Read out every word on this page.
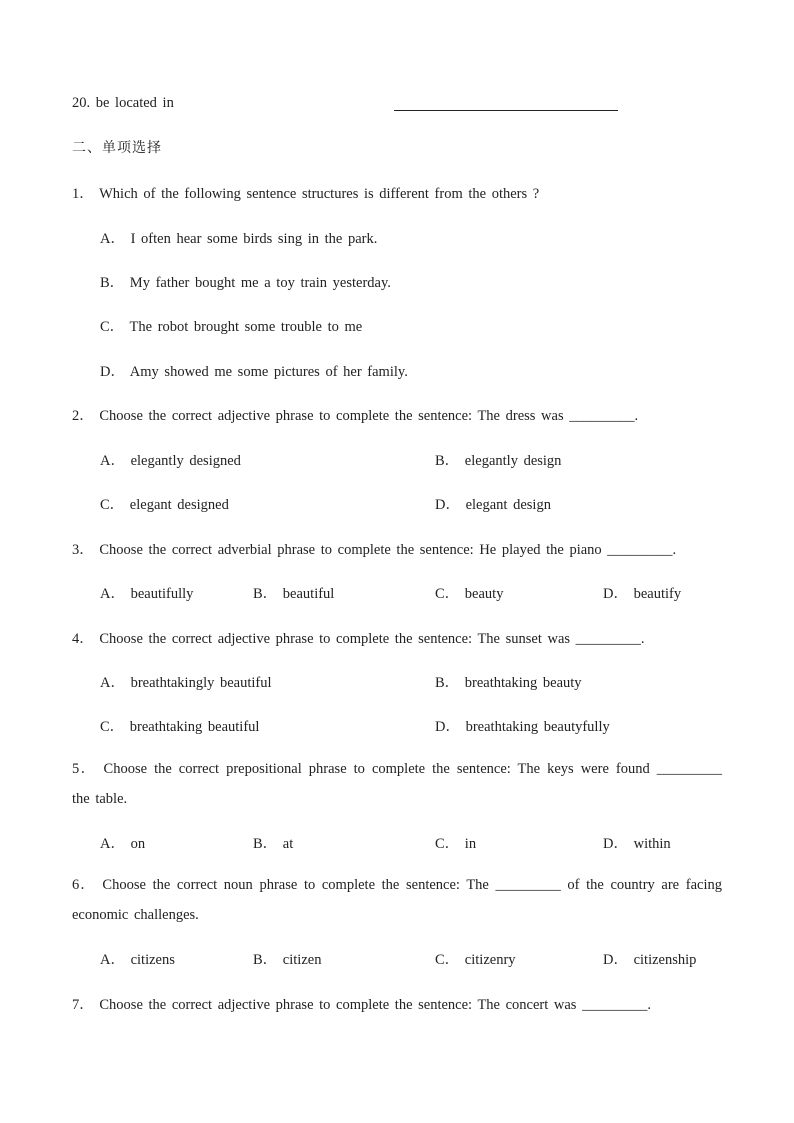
20. be located in
二、单项选择
1． Which of the following sentence structures is different from the others ?
A． I often hear some birds sing in the park.
B． My father bought me a toy train yesterday.
C． The robot brought some trouble to me
D． Amy showed me some pictures of her family.
2． Choose the correct adjective phrase to complete the sentence: The dress was _________.
A． elegantly designed	B． elegantly design
C． elegant designed	D． elegant design
3． Choose the correct adverbial phrase to complete the sentence: He played the piano _________.
A． beautifully	B． beautiful	C． beauty	D． beautify
4． Choose the correct adjective phrase to complete the sentence: The sunset was _________.
A． breathtakingly beautiful	B． breathtaking beauty
C． breathtaking beautiful	D． breathtaking beautyfully
5． Choose the correct prepositional phrase to complete the sentence: The keys were found _________ the table.
A． on	B． at	C． in	D． within
6． Choose the correct noun phrase to complete the sentence: The _________ of the country are facing economic challenges.
A． citizens	B． citizen	C． citizenry	D． citizenship
7． Choose the correct adjective phrase to complete the sentence: The concert was _________.
